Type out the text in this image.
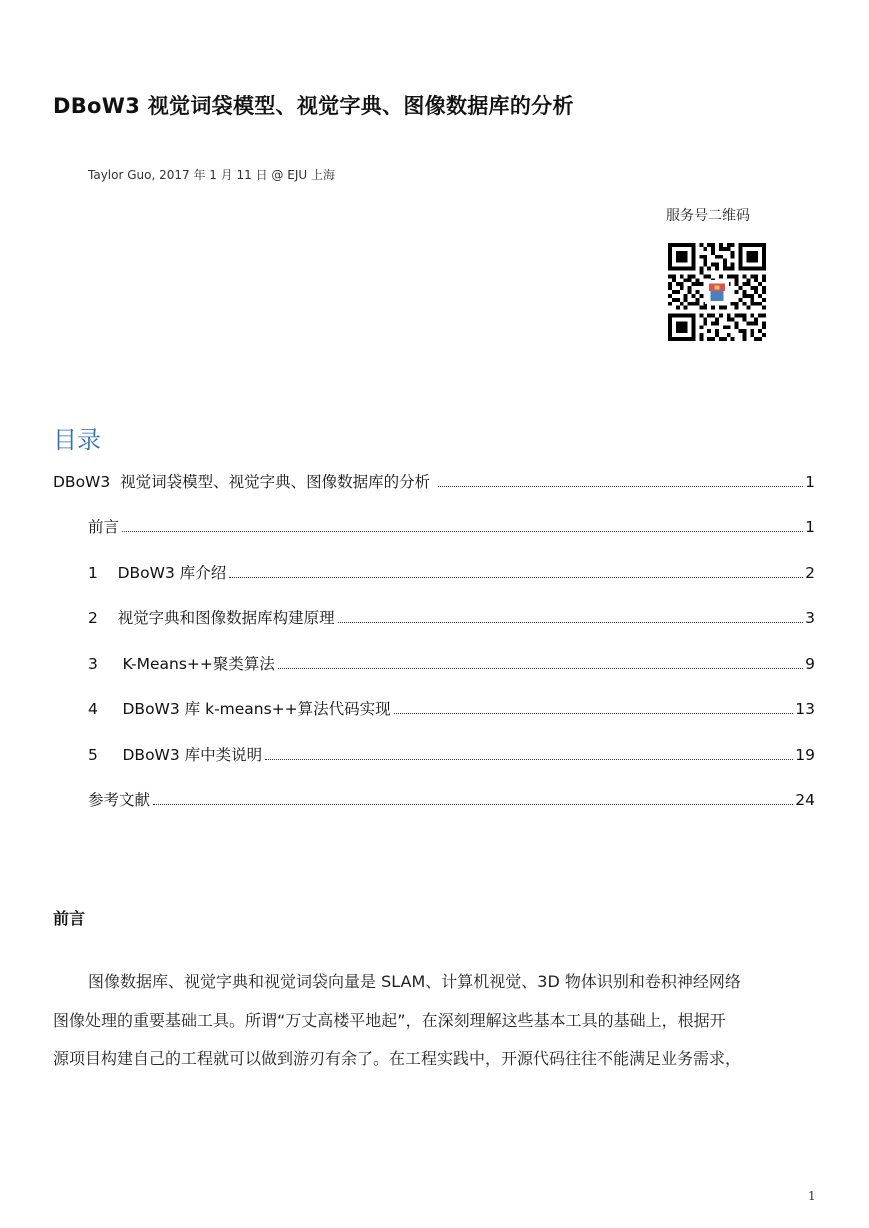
DBoW3 视觉词袋模型、视觉字典、图像数据库的分析
Taylor Guo, 2017 年 1 月 11 日 @ EJU 上海
服务号二维码
目录
DBoW3  视觉词袋模型、视觉字典、图像数据库的分析	1
前言	1
1    DBoW3 库介绍	2
2    视觉字典和图像数据库构建原理	3
3     K-Means++聚类算法	9
4     DBoW3 库 k-means++算法代码实现	13
5     DBoW3 库中类说明	19
参考文献	24
前言

图像数据库、视觉字典和视觉词袋向量是 SLAM、计算机视觉、3D 物体识别和卷积神经网络

图像处理的重要基础工具。所谓“万丈高楼平地起”，在深刻理解这些基本工具的基础上，根据开

源项目构建自己的工程就可以做到游刃有余了。在工程实践中，开源代码往往不能满足业务需求，

1
